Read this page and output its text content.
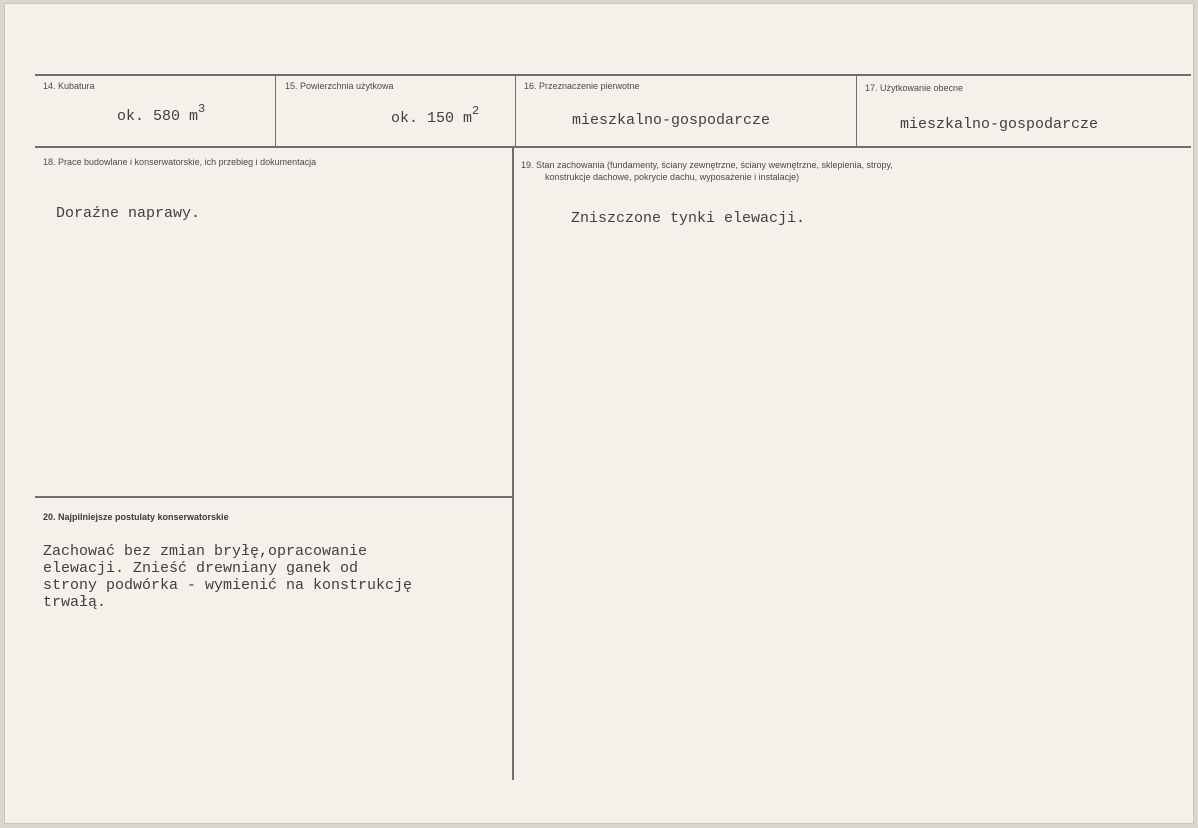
14. Kubatura
ok. 580 $m^3$
15. Powierzchnia użytkowa
ok. 150 $m^2$
16. Przeznaczenie pierwotne
mieszkalno-gospodarcze
17. Użytkowanie obecne
mieszkalno-gospodarcze
18. Prace budowlane i konserwatorskie, ich przebieg i dokumentacja
Doraźne naprawy.
19. Stan zachowania (fundamenty, ściany zewnętrzne, ściany wewnętrzne, sklepienia, stropy,
konstrukcje dachowe, pokrycie dachu, wyposażenie i instalacje)
Zniszczone tynki elewacji.
20. Najpilniejsze postulaty konserwatorskie
Zachować bez zmian bryłę,opracowanie
elewacji. Znieść drewniany ganek od
strony podwórka - wymienić na konstrukcję
trwałą.
